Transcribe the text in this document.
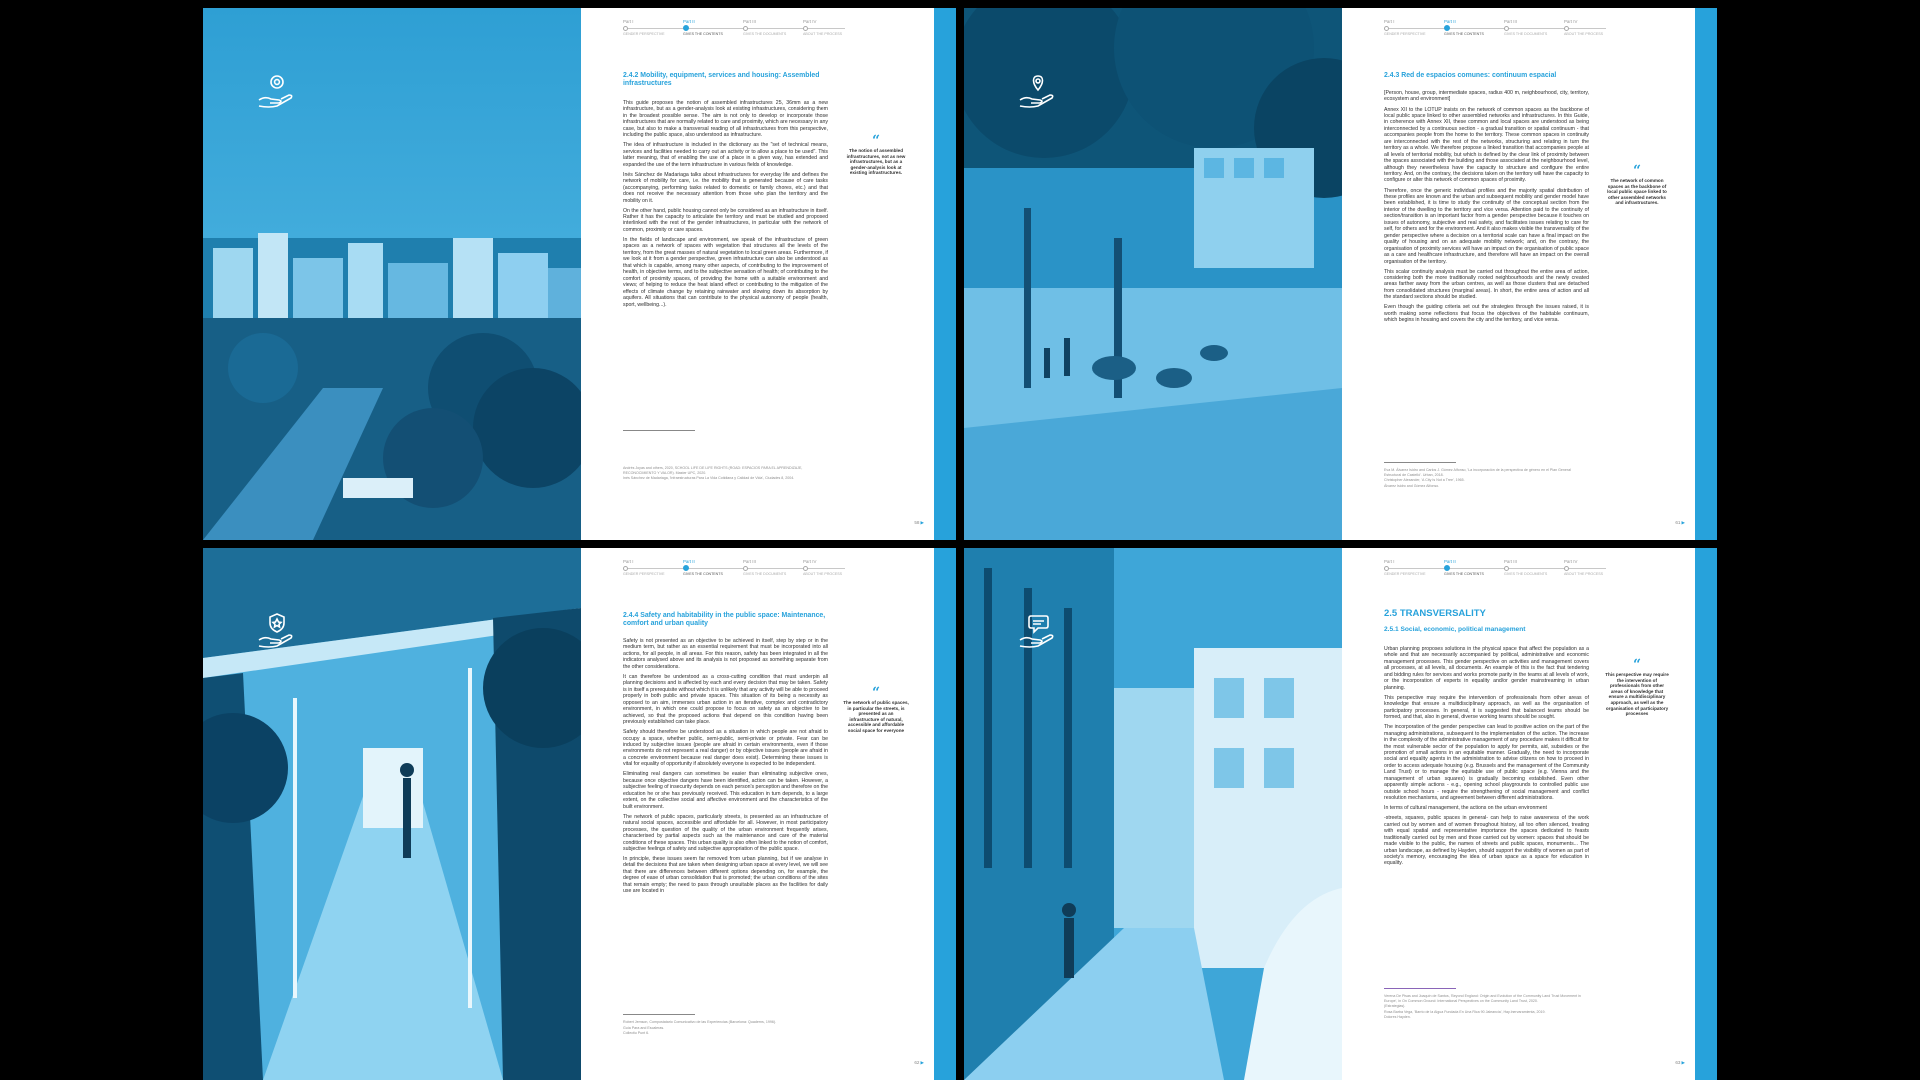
Part I
GENDER PERSPECTIVE
Part II
GIVES THE CONTENTS
Part III
GIVES THE DOCUMENTS
Part IV
ABOUT THE PROCESS
2.4.2 Mobility, equipment, services and housing: Assembled infrastructures

This guide proposes the notion of assembled infrastructures 25, 36mm as a new infrastructure, but as a gender-analysis look at existing infrastructures, considering them in the broadest possible sense. The aim is not only to develop or incorporate those infrastructures that are normally related to care and proximity, which are necessary in any case, but also to make a transversal reading of all infrastructures from this perspective, including the public space, also understood as infrastructure.

The idea of infrastructure is included in the dictionary as the "set of technical means, services and facilities needed to carry out an activity or to allow a place to be used". This latter meaning, that of enabling the use of a place in a given way, has extended and expanded the use of the term infrastructure in various fields of knowledge.

Inés Sánchez de Madariaga talks about infrastructures for everyday life and defines the network of mobility for care, i.e. the mobility that is generated because of care tasks (accompanying, performing tasks related to domestic or family chores, etc.) and that does not receive the necessary attention from those who plan the territory and the mobility on it.

On the other hand, public housing cannot only be considered as an infrastructure in itself. Rather it has the capacity to articulate the territory and must be studied and proposed interlinked with the rest of the gender infrastructures, in particular with the network of common, proximity or care spaces.

In the fields of landscape and environment, we speak of the infrastructure of green spaces as a network of spaces with vegetation that structures all the levels of the territory, from the great masses of natural vegetation to local green areas. Furthermore, if we look at it from a gender perspective, green infrastructure can also be understood as that which is capable, among many other aspects, of contributing to the improvement of health, in objective terms, and to the subjective sensation of health; of contributing to the comfort of proximity spaces, of providing the home with a suitable environment and views; of helping to reduce the heat island effect or contributing to the mitigation of the effects of climate change by retaining rainwater and slowing down its absorption by aquifers. All situations that can contribute to the physical autonomy of people (health, sport, wellbeing...).

“
The notion of assembled infrastructures, not as new infrastructures, but as a gender-analysis look at existing infrastructures.
Andrés Joyas and others, 2020, SCHOOL LIFE DE LIFE RIGHTS (ROAD: ESPACIOS PARA EL APRENDIZAJE, RECONOCIMIENTO Y VALOR). Master UPC, 2020.
Inés Sánchez de Madariaga, 'Infraestructuras Para La Vida Cotidiana y Calidad de Vida', Ciudades 8, 2004.
58▶
Part I
GENDER PERSPECTIVE
Part II
GIVES THE CONTENTS
Part III
GIVES THE DOCUMENTS
Part IV
ABOUT THE PROCESS
2.4.3 Red de espacios comunes: continuum espacial

[Person, house, group, intermediate spaces, radius 400 m, neighbourhood, city, territory, ecosystem and environment]

Annex XII to the LOTUP insists on the network of common spaces as the backbone of local public space linked to other assembled networks and infrastructures. In this Guide, in coherence with Annex XII, these common and local spaces are understood as being interconnected by a continuous section - a gradual transition or spatial continuum - that accompanies people from the home to the territory. These common spaces in continuity are interconnected with the rest of the networks, structuring and relating in turn the territory as a whole. We therefore propose a linked transition that accompanies people at all levels of territorial mobility, but which is defined by the clear link of proximity between the spaces associated with the building and those associated at the neighbourhood level, although they nevertheless have the capacity to structure and configure the entire territory. And, on the contrary, the decisions taken on the territory will have the capacity to configure or alter this network of common spaces of proximity.

Therefore, once the generic individual profiles and the majority spatial distribution of these profiles are known and the urban and subsequent mobility and gender model have been established, it is time to study the continuity of the conceptual section from the interior of the dwelling to the territory and vice versa. Attention paid to the continuity of section/transition is an important factor from a gender perspective because it touches on issues of autonomy, subjective and real safety, and facilitates issues relating to care for self, for others and for the environment. And it also makes visible the transversality of the gender perspective where a decision on a territorial scale can have a final impact on the quality of housing and on an adequate mobility network; and, on the contrary, the organisation of proximity services will have an impact on the organisation of public space as a care and healthcare infrastructure, and therefore will have an impact on the overall organisation of the territory.

This scalar continuity analysis must be carried out throughout the entire area of action, considering both the more traditionally rooted neighbourhoods and the newly created areas farther away from the urban centres, as well as those clusters that are detached from consolidated structures (marginal areas). In short, the entire area of action and all the standard sections should be studied.

Even though the guiding criteria set out the strategies through the issues raised, it is worth making some reflections that focus the objectives of the habitable continuum, which begins in housing and covers the city and the territory, and vice versa.

“
The network of common spaces as the backbone of local public space linked to other assembled networks and infrastructures.
Eva M. Álvarez Isidro and Carlos J. Gómez Alfonso, 'La incorporación de la perspectiva de género en el Plan General Estructural de Castelló'. Urban, 2018.
Christopher Alexander, 'A City Is Not a Tree', 1965.
Álvarez Isidro and Gómez Alfonso.
61▶
Part I
GENDER PERSPECTIVE
Part II
GIVES THE CONTENTS
Part III
GIVES THE DOCUMENTS
Part IV
ABOUT THE PROCESS
2.4.4 Safety and habitability in the public space: Maintenance, comfort and urban quality

Safety is not presented as an objective to be achieved in itself, step by step or in the medium term, but rather as an essential requirement that must be incorporated into all actions, for all people, in all areas. For this reason, safety has been integrated in all the indicators analysed above and its analysis is not proposed as something separate from the other considerations.

It can therefore be understood as a cross-cutting condition that must underpin all planning decisions and is affected by each and every decision that may be taken. Safety is in itself a prerequisite without which it is unlikely that any activity will be able to proceed properly in both public and private spaces. This situation of its being a necessity as opposed to an aim, immerses urban action in an iterative, complex and contradictory environment, in which one could propose to focus on safety as an objective to be achieved, so that the proposed actions that depend on this condition having been previously established can take place.

Safety should therefore be understood as a situation in which people are not afraid to occupy a space, whether public, semi-public, semi-private or private. Fear can be induced by subjective issues (people are afraid in certain environments, even if those environments do not represent a real danger) or by objective issues (people are afraid in a concrete environment because real danger does exist). Determining these issues is vital for equality of opportunity if absolutely everyone is expected to be independent.

Eliminating real dangers can sometimes be easier than eliminating subjective ones, because once objective dangers have been identified, action can be taken. However, a subjective feeling of insecurity depends on each person's perception and therefore on the education he or she has previously received. This education in turn depends, to a large extent, on the collective social and affective environment and the characteristics of the built environment.

The network of public spaces, particularly streets, is presented as an infrastructure of natural social spaces, accessible and affordable for all. However, in most participatory processes, the question of the quality of the urban environment frequently arises, characterised by partial aspects such as the maintenance and care of the material conditions of these spaces. This urban quality is also often linked to the notion of comfort, subjective feelings of safety and subjective appropriation of the public space.

In principle, these issues seem far removed from urban planning, but if we analyse in detail the decisions that are taken when designing urban space at every level, we will see that there are differences between different options depending on, for example, the degree of ease of urban consolidation that is promoted; the urban conditions of the sites that remain empty; the need to pass through unsuitable places as the facilities for daily use are located in

“
The network of public spaces, in particular the streets, is presented as an infrastructure of natural, accessible and affordable social space for everyone
Robert Jemson, Compostatario Comunicativo de las Experiencias (Barcelona: Quaderns, 1996).
Guía Para and Escaleras.
Collectiu Punt 6.
62▶
Part I
GENDER PERSPECTIVE
Part II
GIVES THE CONTENTS
Part III
GIVES THE DOCUMENTS
Part IV
ABOUT THE PROCESS
2.5 TRANSVERSALITY
2.5.1 Social, economic, political management

Urban planning proposes solutions in the physical space that affect the population as a whole and that are necessarily accompanied by political, administrative and economic management processes. This gender perspective on activities and management covers all processes, at all levels, all documents. An example of this is the fact that tendering and bidding rules for services and works promote parity in the teams at all levels of work, or the incorporation of experts in equality and/or gender mainstreaming in urban planning.

This perspective may require the intervention of professionals from other areas of knowledge that ensure a multidisciplinary approach, as well as the organisation of participatory processes. In general, it is suggested that balanced teams should be formed, and that, also in general, diverse working teams should be sought.

The incorporation of the gender perspective can lead to positive action on the part of the managing administrations, subsequent to the implementation of the action. The increase in the complexity of the administrative management of any procedure makes it difficult for the most vulnerable sector of the population to apply for permits, aid, subsidies or the promotion of small actions in an equitable manner. Gradually, the need to incorporate social and equality agents in the administration to advise citizens on how to proceed in order to access adequate housing (e.g. Brussels and the management of the Community Land Trust) or to manage the equitable use of public space (e.g. Vienna and the management of urban squares) is gradually becoming established. Even other apparently simple actions - e.g., opening school playgrounds to controlled public use outside school hours - require the strengthening of social management and conflict resolution mechanisms, and agreement between different administrations.

In terms of cultural management, the actions on the urban environment

-streets, squares, public spaces in general- can help to raise awareness of the work carried out by women and of women throughout history, all too often silenced, treating with equal spatial and representative importance the spaces dedicated to feasts traditionally carried out by men and those carried out by women: spaces that should be made visible to the public, the names of streets and public spaces, monuments... The urban landscape, as defined by Hayden, should support the visibility of women as part of society's memory, encouraging the idea of urban space as a space for education in equality.

“
This perspective may require the intervention of professionals from other areas of knowledge that ensure a multidisciplinary approach, as well as the organisation of participatory processes
Verena De Pisas and Joaquín de Santos, 'Beyond England: Origin and Evolution of the Community Land Trust Movement in Europe', in On Common Ground: International Perspectives on the Community Land Trust, 2020.
(Estrategias).
Rosa Barba Vega, 'Barrio de la Aigua Fundada En Una Rica 90 Jaleancia', Hay.Inervaramienta, 2019.
Dolores Hayden.
63▶
